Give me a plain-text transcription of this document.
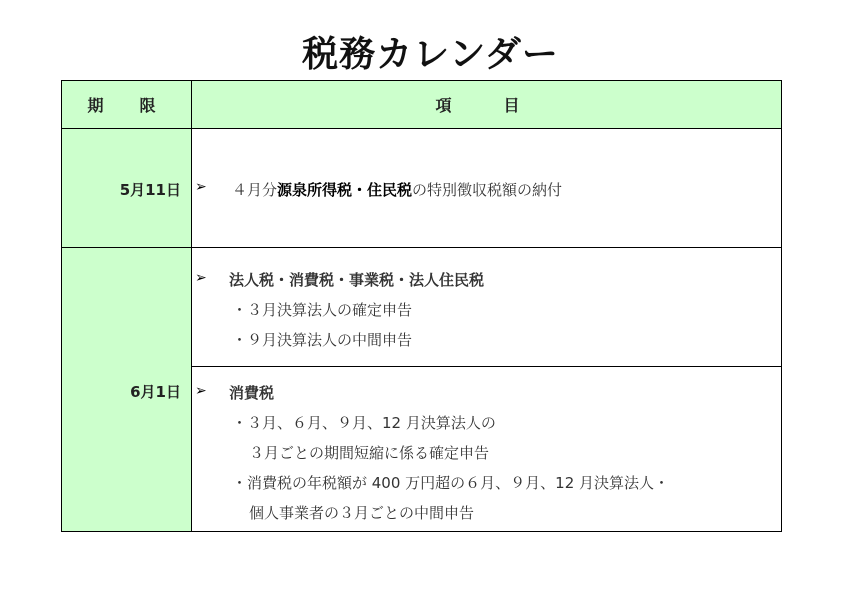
税務カレンダー
期　限	項　目
5月11日 ➢ ４月分源泉所得税・住民税の特別徴収税額の納付
6月1日
➢ 法人税・消費税・事業税・法人住民税
・３月決算法人の確定申告
・９月決算法人の中間申告
➢ 消費税
・３月、６月、９月、12 月決算法人の
３月ごとの期間短縮に係る確定申告
・消費税の年税額が 400 万円超の６月、９月、12 月決算法人・
個人事業者の３月ごとの中間申告
